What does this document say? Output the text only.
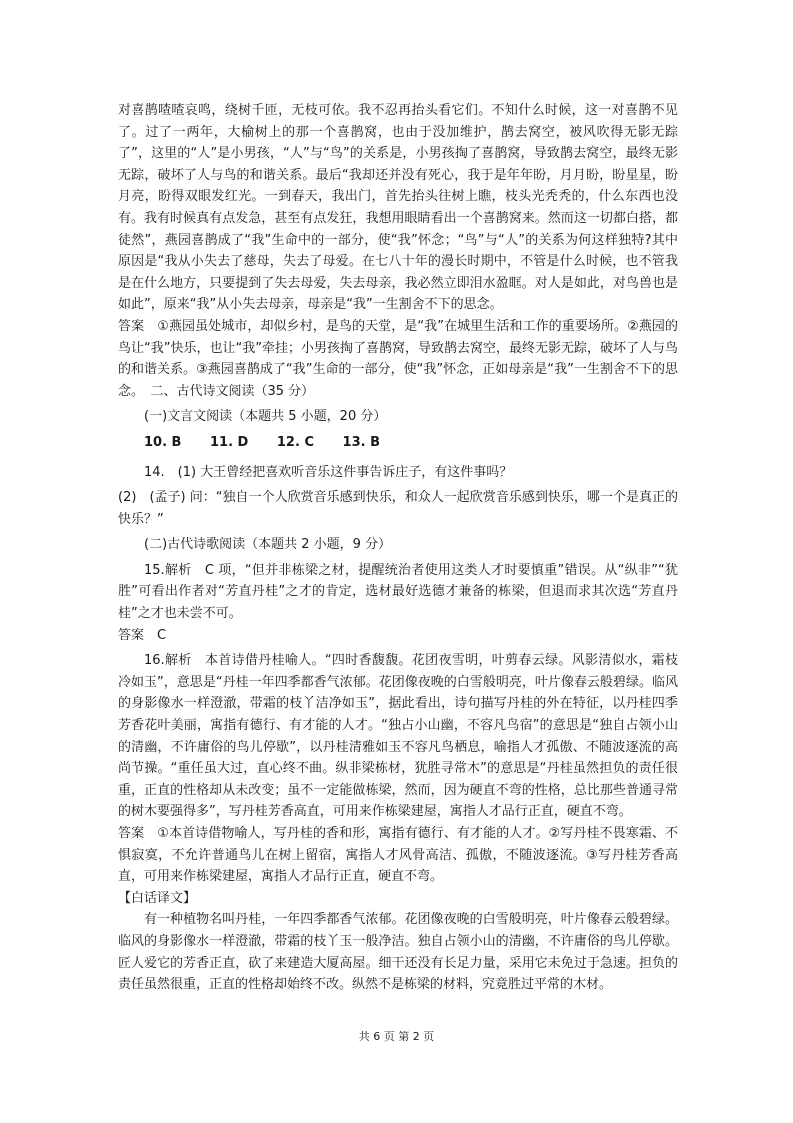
对喜鹊喳喳哀鸣，绕树千匝，无枝可依。我不忍再抬头看它们。不知什么时候，这一对喜鹊不见了。过了一两年，大榆树上的那一个喜鹊窝，也由于没加维护，鹊去窝空，被风吹得无影无踪了”，这里的“人”是小男孩，“人”与“鸟”的关系是，小男孩掏了喜鹊窝，导致鹊去窝空，最终无影无踪，破坏了人与鸟的和谐关系。最后“我却还并没有死心，我于是年年盼，月月盼，盼星星，盼月亮，盼得双眼发红光。一到春天，我出门，首先抬头往树上瞧，枝头光秃秃的，什么东西也没有。我有时候真有点发急，甚至有点发狂，我想用眼睛看出一个喜鹊窝来。然而这一切都白搭，都徒然”，燕园喜鹊成了“我”生命中的一部分，使“我”怀念；“鸟”与“人”的关系为何这样独特?其中原因是“我从小失去了慈母，失去了母爱。在七八十年的漫长时期中，不管是什么时候，也不管我是在什么地方，只要提到了失去母爱，失去母亲，我必然立即泪水盈眶。对人是如此，对鸟兽也是如此”，原来“我”从小失去母亲，母亲是“我”一生割舍不下的思念。

答案　①燕园虽处城市，却似乡村，是鸟的天堂，是“我”在城里生活和工作的重要场所。②燕园的鸟让“我”快乐，也让“我”牵挂；小男孩掏了喜鹊窝，导致鹊去窝空，最终无影无踪，破坏了人与鸟的和谐关系。③燕园喜鹊成了“我”生命的一部分，使“我”怀念，正如母亲是“我”一生割舍不下的思念。　二、古代诗文阅读（35 分）

(一)文言文阅读（本题共 5 小题，20 分）

10. B 11. D 12. C 13. B

14.　(1) 大王曾经把喜欢听音乐这件事告诉庄子，有这件事吗？

(2)　(孟子) 问：“独自一个人欣赏音乐感到快乐，和众人一起欣赏音乐感到快乐，哪一个是真正的快乐？”

(二)古代诗歌阅读（本题共 2 小题，9 分）

15.解析　C 项，“但并非栋梁之材，提醒统治者使用这类人才时要慎重”错误。从“纵非”“犹胜”可看出作者对“芳直丹桂”之才的肯定，选材最好选德才兼备的栋梁，但退而求其次选“芳直丹桂”之才也未尝不可。

答案　C

16.解析　本首诗借丹桂喻人。“四时香馥馥。花团夜雪明，叶剪春云绿。风影清似水，霜枝冷如玉”，意思是“丹桂一年四季都香气浓郁。花团像夜晚的白雪般明亮，叶片像春云般碧绿。临风的身影像水一样澄澈，带霜的枝丫洁净如玉”，据此看出，诗句描写丹桂的外在特征，以丹桂四季芳香花叶美丽，寓指有德行、有才能的人才。“独占小山幽，不容凡鸟宿”的意思是“独自占领小山的清幽，不许庸俗的鸟儿停歇”，以丹桂清雅如玉不容凡鸟栖息，喻指人才孤傲、不随波逐流的高尚节操。“重任虽大过，直心终不曲。纵非梁栋材，犹胜寻常木”的意思是“丹桂虽然担负的责任很重，正直的性格却从未改变；虽不一定能做栋梁，然而，因为硬直不弯的性格，总比那些普通寻常的树木要强得多”，写丹桂芳香高直，可用来作栋梁建屋，寓指人才品行正直，硬直不弯。

答案　①本首诗借物喻人，写丹桂的香和形，寓指有德行、有才能的人才。②写丹桂不畏寒霜、不惧寂寞，不允许普通鸟儿在树上留宿，寓指人才风骨高洁、孤傲，不随波逐流。③写丹桂芳香高直，可用来作栋梁建屋，寓指人才品行正直，硬直不弯。

【白话译文】

有一种植物名叫丹桂，一年四季都香气浓郁。花团像夜晚的白雪般明亮，叶片像春云般碧绿。临风的身影像水一样澄澈，带霜的枝丫玉一般净洁。独自占领小山的清幽，不许庸俗的鸟儿停歇。匠人爱它的芳香正直，砍了来建造大厦高屋。细干还没有长足力量，采用它未免过于急速。担负的责任虽然很重，正直的性格却始终不改。纵然不是栋梁的材料，究竟胜过平常的木材。

共 6 页 第 2 页
